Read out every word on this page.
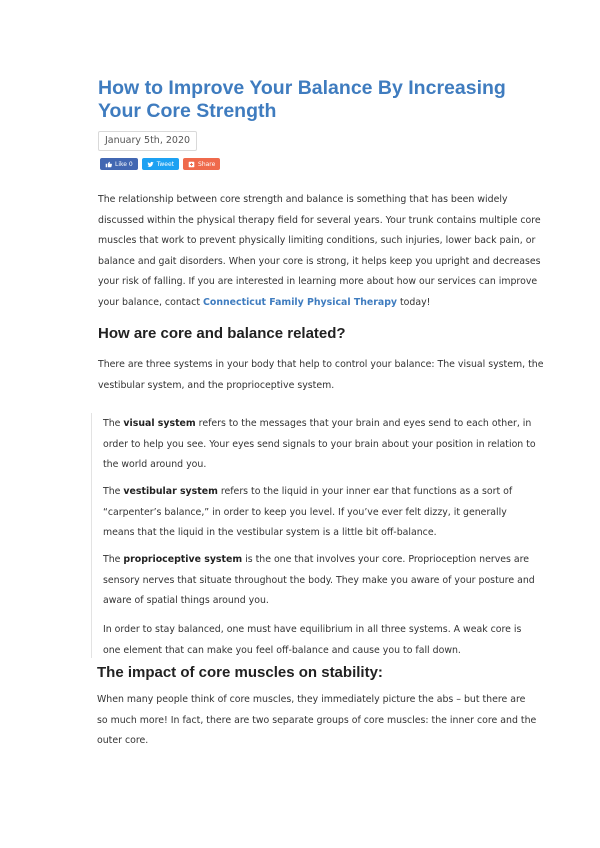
How to Improve Your Balance By Increasing Your Core Strength
January 5th, 2020
Like 0	Tweet	Share

The relationship between core strength and balance is something that has been widely discussed within the physical therapy field for several years. Your trunk contains multiple core muscles that work to prevent physically limiting conditions, such injuries, lower back pain, or balance and gait disorders. When your core is strong, it helps keep you upright and decreases your risk of falling. If you are interested in learning more about how our services can improve your balance, contact Connecticut Family Physical Therapy today!

How are core and balance related?

There are three systems in your body that help to control your balance: The visual system, the vestibular system, and the proprioceptive system.

The visual system refers to the messages that your brain and eyes send to each other, in order to help you see. Your eyes send signals to your brain about your position in relation to the world around you.

The vestibular system refers to the liquid in your inner ear that functions as a sort of “carpenter’s balance,” in order to keep you level. If you’ve ever felt dizzy, it generally means that the liquid in the vestibular system is a little bit off-balance.

The proprioceptive system is the one that involves your core. Proprioception nerves are sensory nerves that situate throughout the body. They make you aware of your posture and aware of spatial things around you.

In order to stay balanced, one must have equilibrium in all three systems. A weak core is one element that can make you feel off-balance and cause you to fall down.

The impact of core muscles on stability:

When many people think of core muscles, they immediately picture the abs – but there are so much more! In fact, there are two separate groups of core muscles: the inner core and the outer core.
